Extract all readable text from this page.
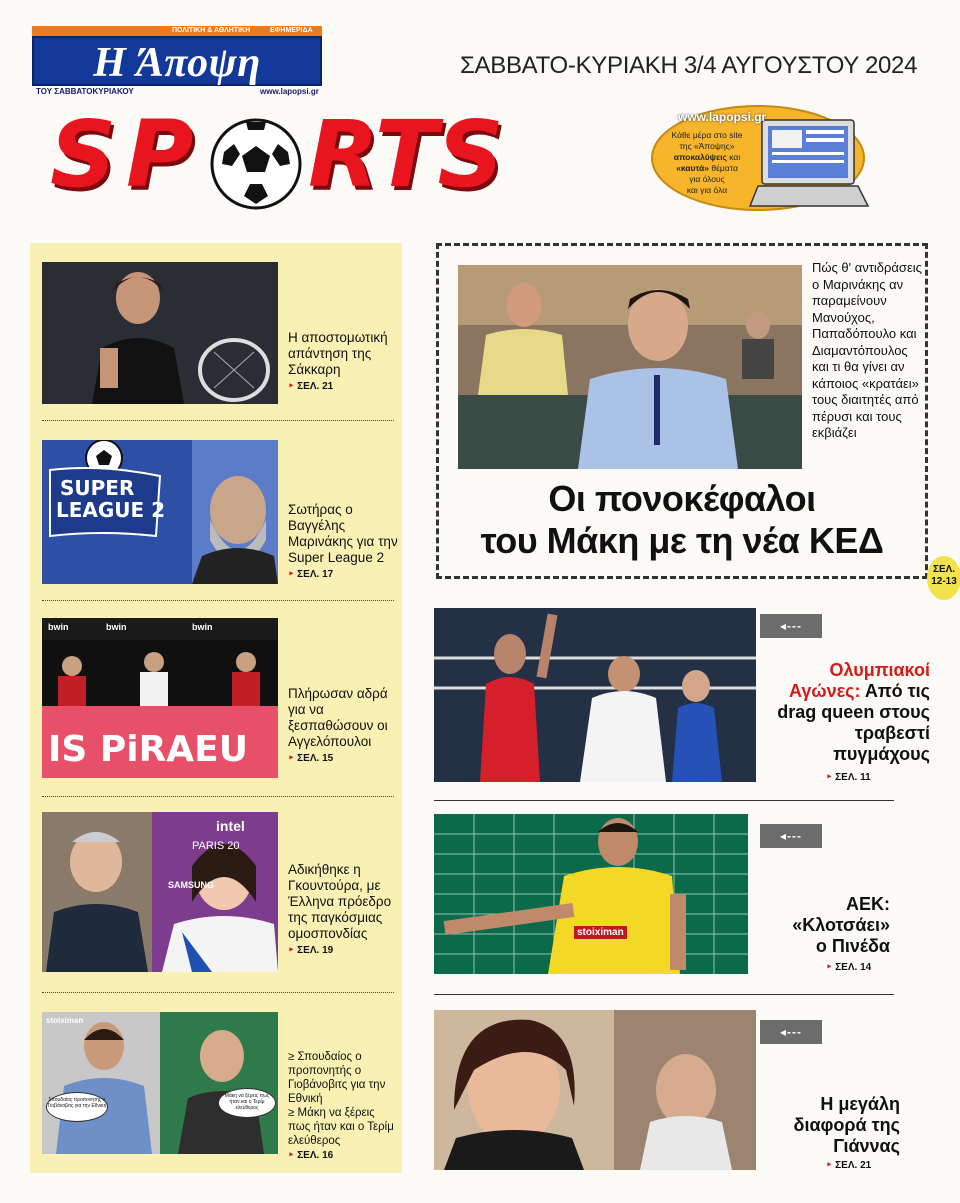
ΠΟΛΙΤΙΚΗ & ΑΘΛΗΤΙΚΗ	ΕΦΗΜΕΡΙΔΑ
Η Άποψη
ΤΟΥ ΣΑΒΒΑΤΟΚΥΡΙΑΚΟΥ	www.lapopsi.gr
ΣΑΒΒΑΤΟ-ΚΥΡΙΑΚΗ 3/4 ΑΥΓΟΥΣΤΟΥ 2024
S P RTS	www.lapopsi.gr
Κάθε μέρα στο site
της «Άποψης»
αποκαλύψεις και
«καυτά» θέματα
για όλους
και για όλα
Η αποστομωτική απάντηση της Σάκκαρη
‣ ΣΕΛ. 21
SUPER
LEAGUE 2	Σωτήρας ο Βαγγέλης Μαρινάκης για την Super League 2
‣ ΣΕΛ. 17
bwin	bwin	bwin
IS PiRAEU
Πλήρωσαν αδρά για να ξεσπαθώσουν οι Αγγελόπουλοι
‣ ΣΕΛ. 15
intel
PARIS 20
SAMSUNG
Αδικήθηκε η Γκουντούρα, με Έλληνα πρόεδρο της παγκόσμιας ομοσπονδίας
‣ ΣΕΛ. 19
Σπουδαίος προπονητής ο Γιοβάνοβιτς για την Εθνική
Μάκη να ξέρεις πως ήταν και ο Τερίμ ελεύθερος
stoiximan
≥ Σπουδαίος ο προπονητής ο Γιοβάνοβιτς για την Εθνική
≥ Μάκη να ξέρεις πως ήταν και ο Τερίμ ελεύθερος
‣ ΣΕΛ. 16
Πώς θ' αντιδράσεις ο Μαρινάκης αν παραμείνουν Μανούχος, Παπαδόπουλο και Διαμαντόπουλος και τι θα γίνει αν κάποιος «κρατάει» τους διαιτητές από πέρυσι και τους εκβιάζει
Οι πονοκέφαλοι
του Μάκη με τη νέα ΚΕΔ
ΣΕΛ.
12-13
◂---
Ολυμπιακοί Αγώνες: Από τις drag queen στους τραβεστί πυγμάχους
‣ ΣΕΛ. 11
stoiximan
◂---
ΑΕΚ: «Κλοτσάει» ο Πινέδα
‣ ΣΕΛ. 14
◂---
Η μεγάλη διαφορά της Γιάννας
‣ ΣΕΛ. 21
